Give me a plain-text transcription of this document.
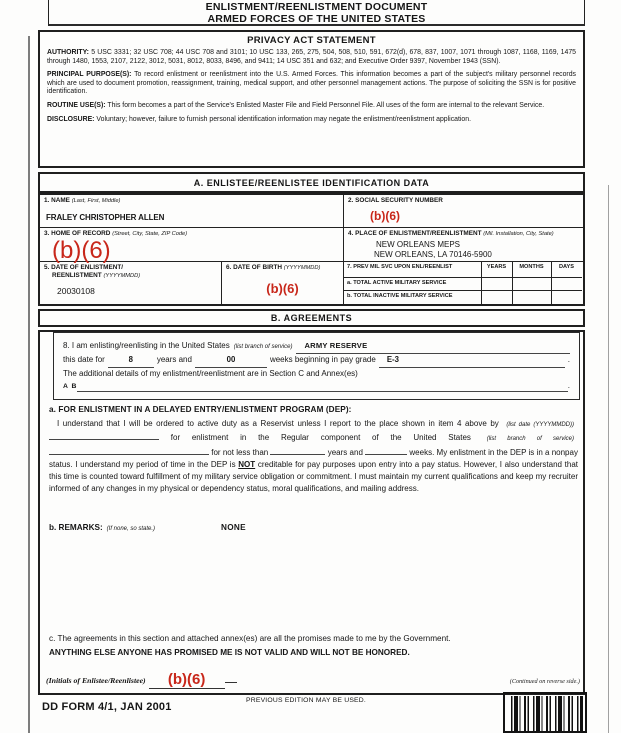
ENLISTMENT/REENLISTMENT DOCUMENT
ARMED FORCES OF THE UNITED STATES
PRIVACY ACT STATEMENT
AUTHORITY: 5 USC 3331; 32 USC 708; 44 USC 708 and 3101; 10 USC 133, 265, 275, 504, 508, 510, 591, 672(d), 678, 837, 1007, 1071 through 1087, 1168, 1169, 1475 through 1480, 1553, 2107, 2122, 3012, 5031, 8012, 8033, 8496, and 9411; 14 USC 351 and 632; and Executive Order 9397, November 1943 (SSN).
PRINCIPAL PURPOSE(S): To record enlistment or reenlistment into the U.S. Armed Forces. This information becomes a part of the subject's military personnel records which are used to document promotion, reassignment, training, medical support, and other personnel management actions. The purpose of soliciting the SSN is for positive identification.
ROUTINE USE(S): This form becomes a part of the Service's Enlisted Master File and Field Personnel File. All uses of the form are internal to the relevant Service.
DISCLOSURE: Voluntary; however, failure to furnish personal identification information may negate the enlistment/reenlistment application.
A. ENLISTEE/REENLISTEE IDENTIFICATION DATA
1. NAME (Last, First, Middle)
FRALEY CHRISTOPHER ALLEN
2. SOCIAL SECURITY NUMBER
(b)(6)
3. HOME OF RECORD (Street, City, State, ZIP Code)
(b)(6)
4. PLACE OF ENLISTMENT/REENLISTMENT (Mil. Installation, City, State)
NEW ORLEANS MEPS
NEW ORLEANS, LA 70146-5900
5. DATE OF ENLISTMENT/
REENLISTMENT (YYYYMMDD)
20030108
6. DATE OF BIRTH (YYYYMMDD)
(b)(6)
7. PREV MIL SVC UPON ENL/REENLIST	YEARS	MONTHS	DAYS
a. TOTAL ACTIVE MILITARY SERVICE
b. TOTAL INACTIVE MILITARY SERVICE
B. AGREEMENTS
8. I am enlisting/reenlisting in the United States (list branch of service)	ARMY RESERVE
this date for	8	years and	00	weeks beginning in pay grade	E-3	.
The additional details of my enlistment/reenlistment are in Section C and Annex(es)
A B	.
a. FOR ENLISTMENT IN A DELAYED ENTRY/ENLISTMENT PROGRAM (DEP):
I understand that I will be ordered to active duty as a Reservist unless I report to the place shown in item 4 above by (list date (YYYYMMDD))  for enlistment in the Regular component of the United States	(list branch of service)  for not less than	years and	weeks. My enlistment in the DEP is in a nonpay status. I understand my period of time in the DEP is NOT creditable for pay purposes upon entry into a pay status. However, I also understand that this time is counted toward fulfillment of my military service obligation or commitment. I must maintain my current qualifications and keep my recruiter informed of any changes in my physical or dependency status, moral qualifications, and mailing address.
b. REMARKS: (If none, so state.)	NONE
c. The agreements in this section and attached annex(es) are all the promises made to me by the Government.
ANYTHING ELSE ANYONE HAS PROMISED ME IS NOT VALID AND WILL NOT BE HONORED.
(Initials of Enlistee/Reenlistee)	(b)(6)	(Continued on reverse side.)
DD FORM 4/1, JAN 2001
PREVIOUS EDITION MAY BE USED.
